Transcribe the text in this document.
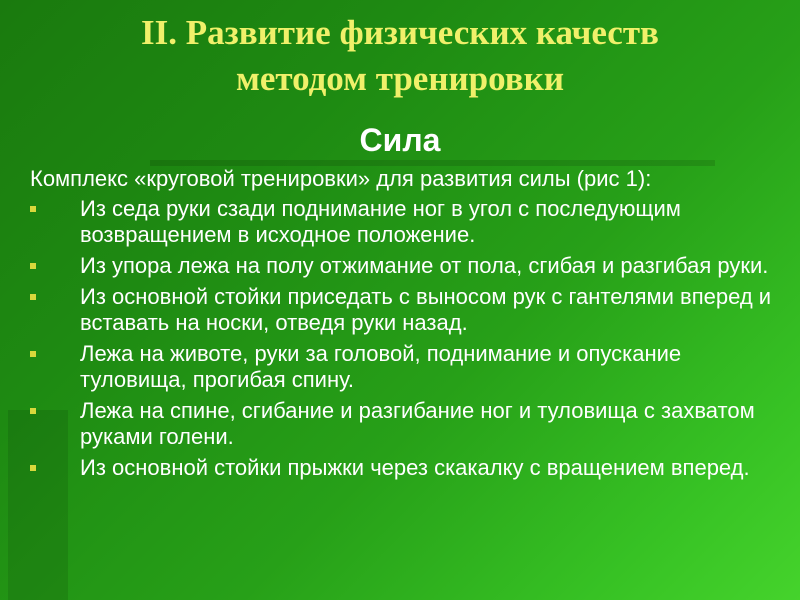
II. Развитие физических качеств
методом тренировки
Сила
Комплекс «круговой тренировки» для развития силы (рис 1):
Из седа руки сзади поднимание ног в угол с последующим возвращением в исходное положение.
Из упора лежа на полу отжимание от пола, сгибая и разгибая руки.
Из основной стойки приседать с выносом рук с гантелями вперед и вставать на носки, отведя руки назад.
Лежа на животе, руки за головой, поднимание и опускание туловища, прогибая спину.
Лежа на спине, сгибание и разгибание ног и туловища с захватом руками голени.
Из основной стойки прыжки через скакалку с вращением вперед.
